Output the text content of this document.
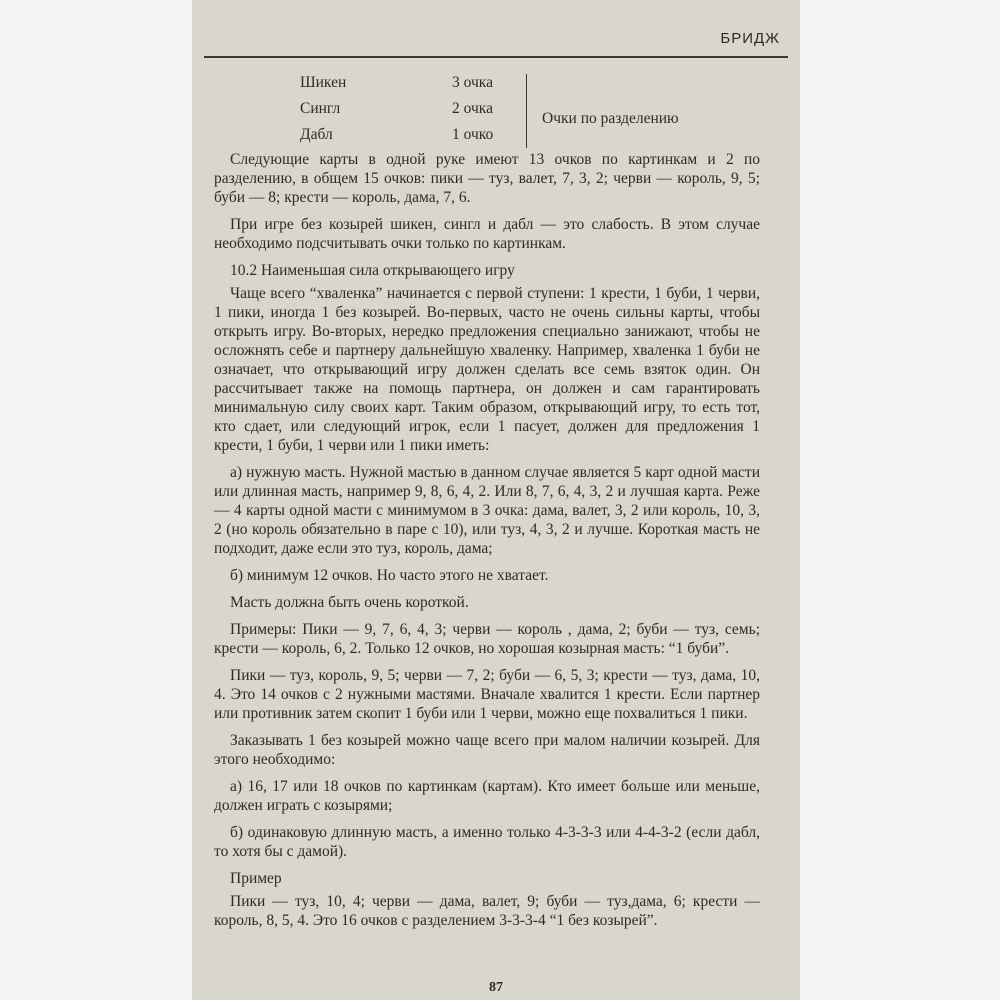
БРИДЖ
Шикен	3 очка
Сингл	2 очка
Дабл	1 очко
Очки по разделению

Следующие карты в одной руке имеют 13 очков по картинкам и 2 по разделению, в общем 15 очков: пики — туз, валет, 7, 3, 2; черви — король, 9, 5; буби — 8; крести — король, дама, 7, 6.

При игре без козырей шикен, сингл и дабл — это слабость. В этом случае необходимо подсчитывать очки только по картинкам.

10.2 Наименьшая сила открывающего игру

Чаще всего “хваленка” начинается с первой ступени: 1 крести, 1 буби, 1 черви, 1 пики, иногда 1 без козырей. Во-первых, часто не очень сильны карты, чтобы открыть игру. Во-вторых, нередко предложения специально занижают, чтобы не осложнять себе и партнеру дальнейшую хваленку. Например, хваленка 1 буби не означает, что открывающий игру должен сделать все семь взяток один. Он рассчитывает также на помощь партнера, он должен и сам гарантировать минимальную силу своих карт. Таким образом, открывающий игру, то есть тот, кто сдает, или следующий игрок, если 1 пасует, должен для предложения 1 крести, 1 буби, 1 черви или 1 пики иметь:

а) нужную масть. Нужной мастью в данном случае является 5 карт одной масти или длинная масть, например 9, 8, 6, 4, 2. Или 8, 7, 6, 4, 3, 2 и лучшая карта. Реже — 4 карты одной масти с минимумом в 3 очка: дама, валет, 3, 2 или король, 10, 3, 2 (но король обязательно в паре с 10), или туз, 4, 3, 2 и лучше. Короткая масть не подходит, даже если это туз, король, дама;

б) минимум 12 очков. Но часто этого не хватает.

Масть должна быть очень короткой.

Примеры: Пики — 9, 7, 6, 4, 3; черви — король , дама, 2; буби — туз, семь; крести — король, 6, 2. Только 12 очков, но хорошая козырная масть: “1 буби”.

Пики — туз, король, 9, 5; черви — 7, 2; буби — 6, 5, 3; крести — туз, дама, 10, 4. Это 14 очков с 2 нужными мастями. Вначале хвалится 1 крести. Если партнер или противник затем скопит 1 буби или 1 черви, можно еще похвалиться 1 пики.

Заказывать 1 без козырей можно чаще всего при малом наличии козырей. Для этого необходимо:

а) 16, 17 или 18 очков по картинкам (картам). Кто имеет больше или меньше, должен играть с козырями;

б) одинаковую длинную масть, а именно только 4-3-3-3 или 4-4-3-2 (если дабл, то хотя бы с дамой).

Пример

Пики — туз, 10, 4; черви — дама, валет, 9; буби — туз,дама, 6; крести — король, 8, 5, 4. Это 16 очков с разделением 3-3-3-4 “1 без козырей”.

87
